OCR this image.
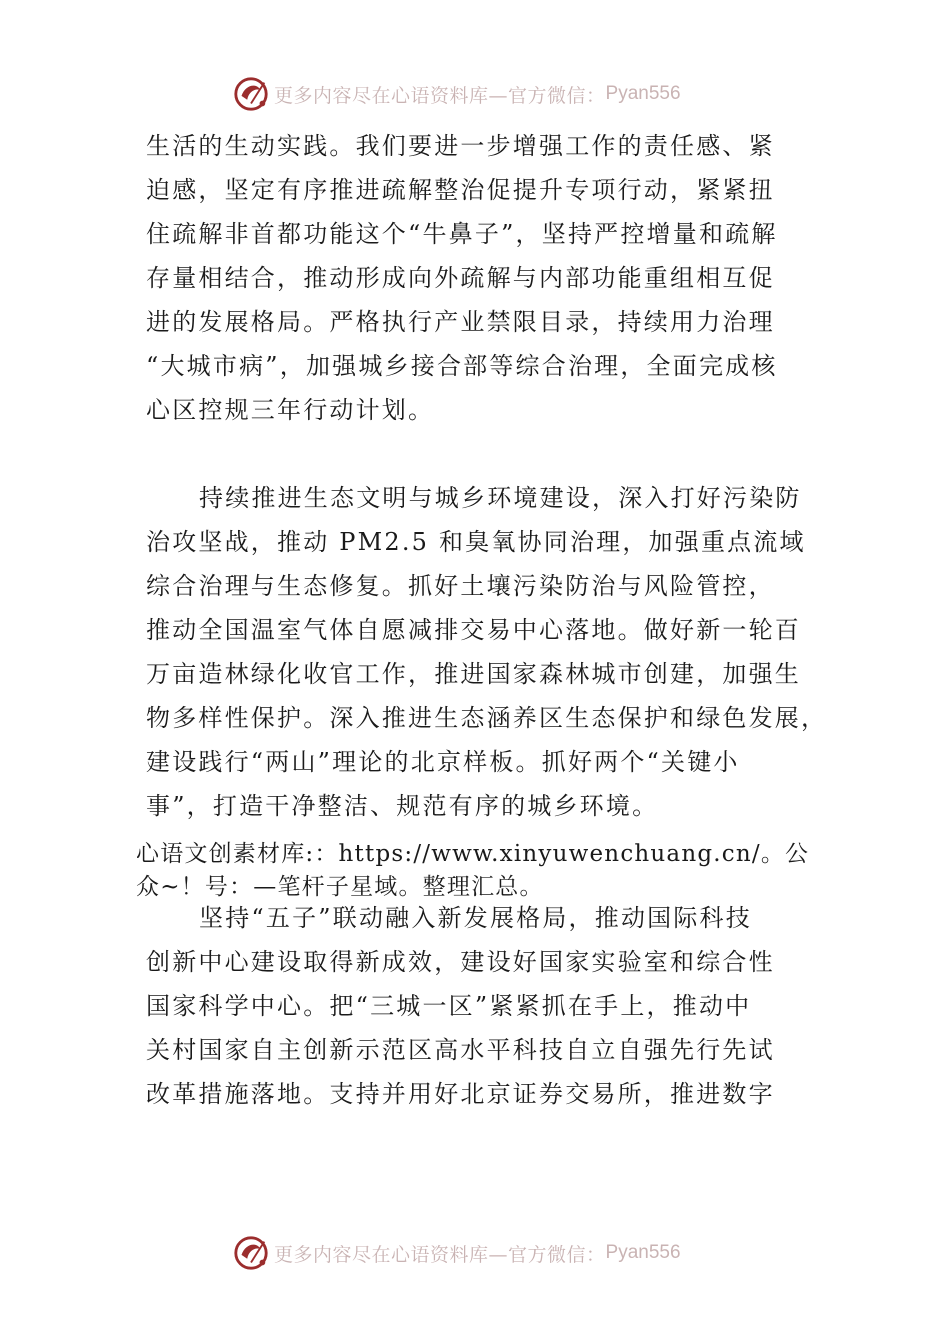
更多内容尽在心语资料库—官方微信： Pyan556
生活的生动实践。我们要进一步增强工作的责任感、紧
迫感，坚定有序推进疏解整治促提升专项行动，紧紧扭
住疏解非首都功能这个“牛鼻子”，坚持严控增量和疏解
存量相结合，推动形成向外疏解与内部功能重组相互促
进的发展格局。严格执行产业禁限目录，持续用力治理
“大城市病”，加强城乡接合部等综合治理，全面完成核
心区控规三年行动计划。
持续推进生态文明与城乡环境建设，深入打好污染防
治攻坚战，推动 PM2.5 和臭氧协同治理，加强重点流域
综合治理与生态修复。抓好土壤污染防治与风险管控，
推动全国温室气体自愿减排交易中心落地。做好新一轮百
万亩造林绿化收官工作，推进国家森林城市创建，加强生
物多样性保护。深入推进生态涵养区生态保护和绿色发展，
建设践行“两山”理论的北京样板。抓好两个“关键小
事”，打造干净整洁、规范有序的城乡环境。
心语文创素材库:：https://www.xinyuwenchuang.cn/。公
众~！号：—笔杆子星域。整理汇总。
坚持“五子”联动融入新发展格局，推动国际科技
创新中心建设取得新成效，建设好国家实验室和综合性
国家科学中心。把“三城一区”紧紧抓在手上，推动中
关村国家自主创新示范区高水平科技自立自强先行先试
改革措施落地。支持并用好北京证券交易所，推进数字
更多内容尽在心语资料库—官方微信： Pyan556
